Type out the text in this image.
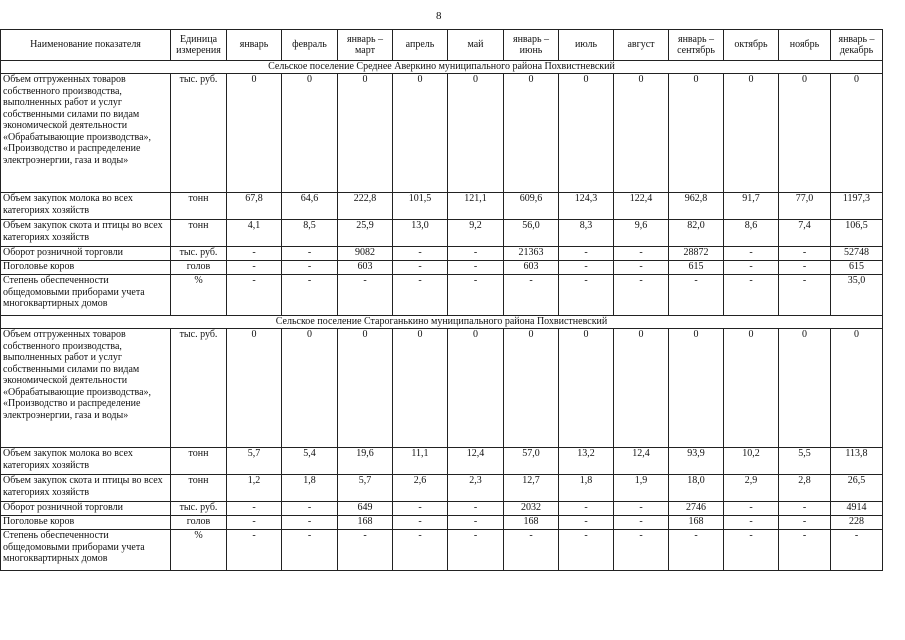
8
Наименование показателя	Единица измерения	январь	февраль	январь – март	апрель	май	январь – июнь	июль	август	январь – сентябрь	октябрь	ноябрь	январь – декабрь
Сельское поселение Среднее Аверкино муниципального района Похвистневский													
Объем отгруженных товаров собственного производства, выполненных работ и услуг собственными силами по видам экономической деятельности «Обрабатывающие производства», «Производство и распределение электроэнергии, газа и воды»	тыс. руб.	0	0	0	0	0	0	0	0	0	0	0	0
Объем закупок молока во всех категориях хозяйств	тонн	67,8	64,6	222,8	101,5	121,1	609,6	124,3	122,4	962,8	91,7	77,0	1197,3
Объем закупок скота и птицы во всех категориях хозяйств	тонн	4,1	8,5	25,9	13,0	9,2	56,0	8,3	9,6	82,0	8,6	7,4	106,5
Оборот розничной торговли	тыс. руб.	-	-	9082	-	-	21363	-	-	28872	-	-	52748
Поголовье коров	голов	-	-	603	-	-	603	-	-	615	-	-	615
Степень обеспеченности общедомовыми приборами учета многоквартирных домов	%	-	-	-	-	-	-	-	-	-	-	-	35,0
Сельское поселение Староганькино муниципального района Похвистневский													
Объем отгруженных товаров собственного производства, выполненных работ и услуг собственными силами по видам экономической деятельности «Обрабатывающие производства», «Производство и распределение электроэнергии, газа и воды»	тыс. руб.	0	0	0	0	0	0	0	0	0	0	0	0
Объем закупок молока во всех категориях хозяйств	тонн	5,7	5,4	19,6	11,1	12,4	57,0	13,2	12,4	93,9	10,2	5,5	113,8
Объем закупок скота и птицы во всех категориях хозяйств	тонн	1,2	1,8	5,7	2,6	2,3	12,7	1,8	1,9	18,0	2,9	2,8	26,5
Оборот розничной торговли	тыс. руб.	-	-	649	-	-	2032	-	-	2746	-	-	4914
Поголовье коров	голов	-	-	168	-	-	168	-	-	168	-	-	228
Степень обеспеченности общедомовыми приборами учета многоквартирных домов	%	-	-	-	-	-	-	-	-	-	-	-	-
